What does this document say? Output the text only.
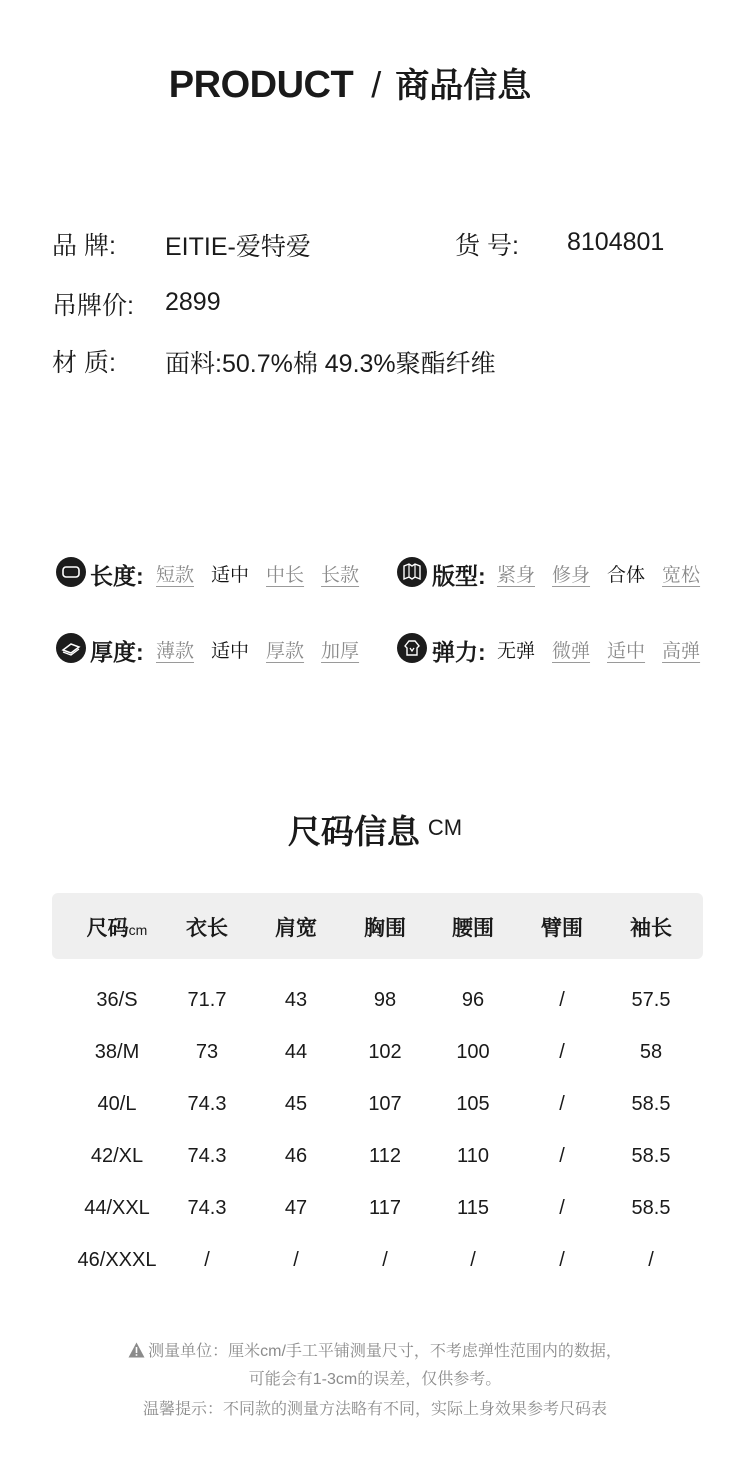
PRODUCT / 商品信息
品 牌: EITIE-爱特爱	货 号: 8104801
吊牌价: 2899
材 质: 面料:50.7%棉 49.3%聚酯纤维
长度: 短款 适中 中长 长款	版型: 紧身 修身 合体 宽松
厚度: 薄款 适中 厚款 加厚	弹力: 无弹 微弹 适中 高弹
尺码信息 CM
尺码cm 衣长 肩宽 胸围 腰围 臂围 袖长
36/S 71.7	43	98	96	/	57.5
38/M	73	44	102	100	/	58
40/L	74.3	45	107	105	/	58.5
42/XL 74.3	46	112	110	/	58.5
44/XXL 74.3	47	117	115	/	58.5
46/XXXL /	/	/	/	/	/
测量单位：厘米cm/手工平铺测量尺寸，不考虑弹性范围内的数据，
可能会有1-3cm的误差，仅供参考。
温馨提示：不同款的测量方法略有不同，实际上身效果参考尺码表
